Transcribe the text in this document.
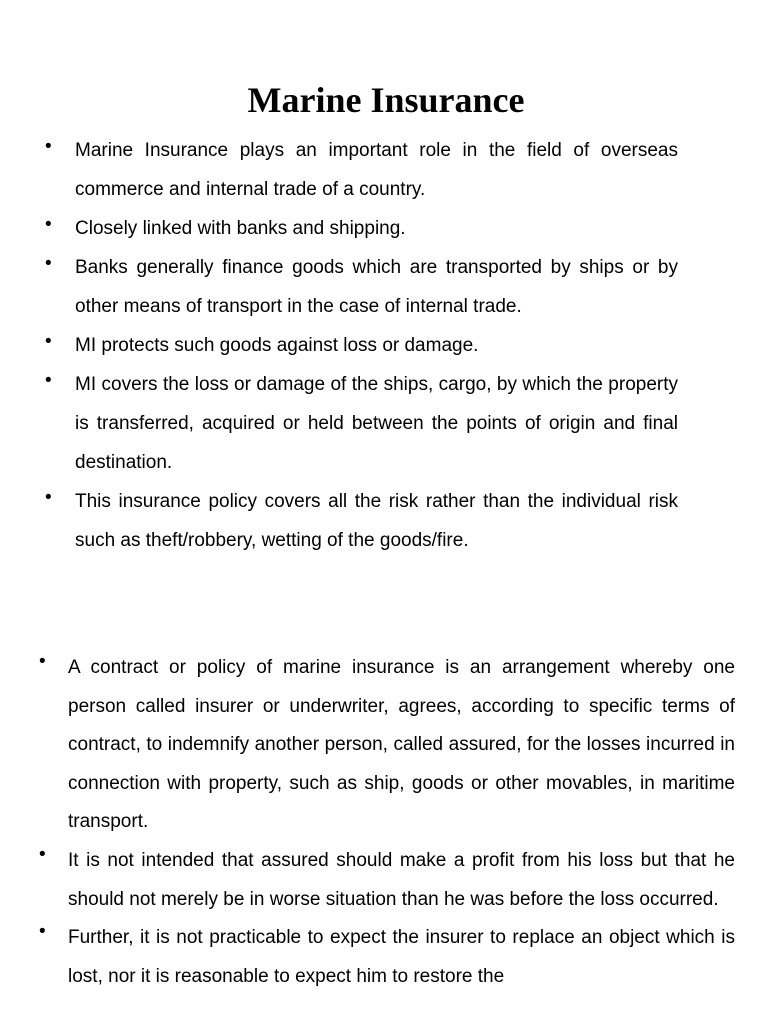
Marine Insurance
• Marine Insurance plays an important role in the field of overseas commerce and internal trade of a country.
• Closely linked with banks and shipping.
• Banks generally finance goods which are transported by ships or by other means of transport in the case of internal trade.
• MI protects such goods against loss or damage.
• MI covers the loss or damage of the ships, cargo, by which the property is transferred, acquired or held between the points of origin and final destination.
• This insurance policy covers all the risk rather than the individual risk such as theft/robbery, wetting of the goods/fire.
• A contract or policy of marine insurance is an arrangement whereby one person called insurer or underwriter, agrees, according to specific terms of contract, to indemnify another person, called assured, for the losses incurred in connection with property, such as ship, goods or other movables, in maritime transport.
• It is not intended that assured should make a profit from his loss but that he should not merely be in worse situation than he was before the loss occurred.
• Further, it is not practicable to expect the insurer to replace an object which is lost, nor it is reasonable to expect him to restore the
